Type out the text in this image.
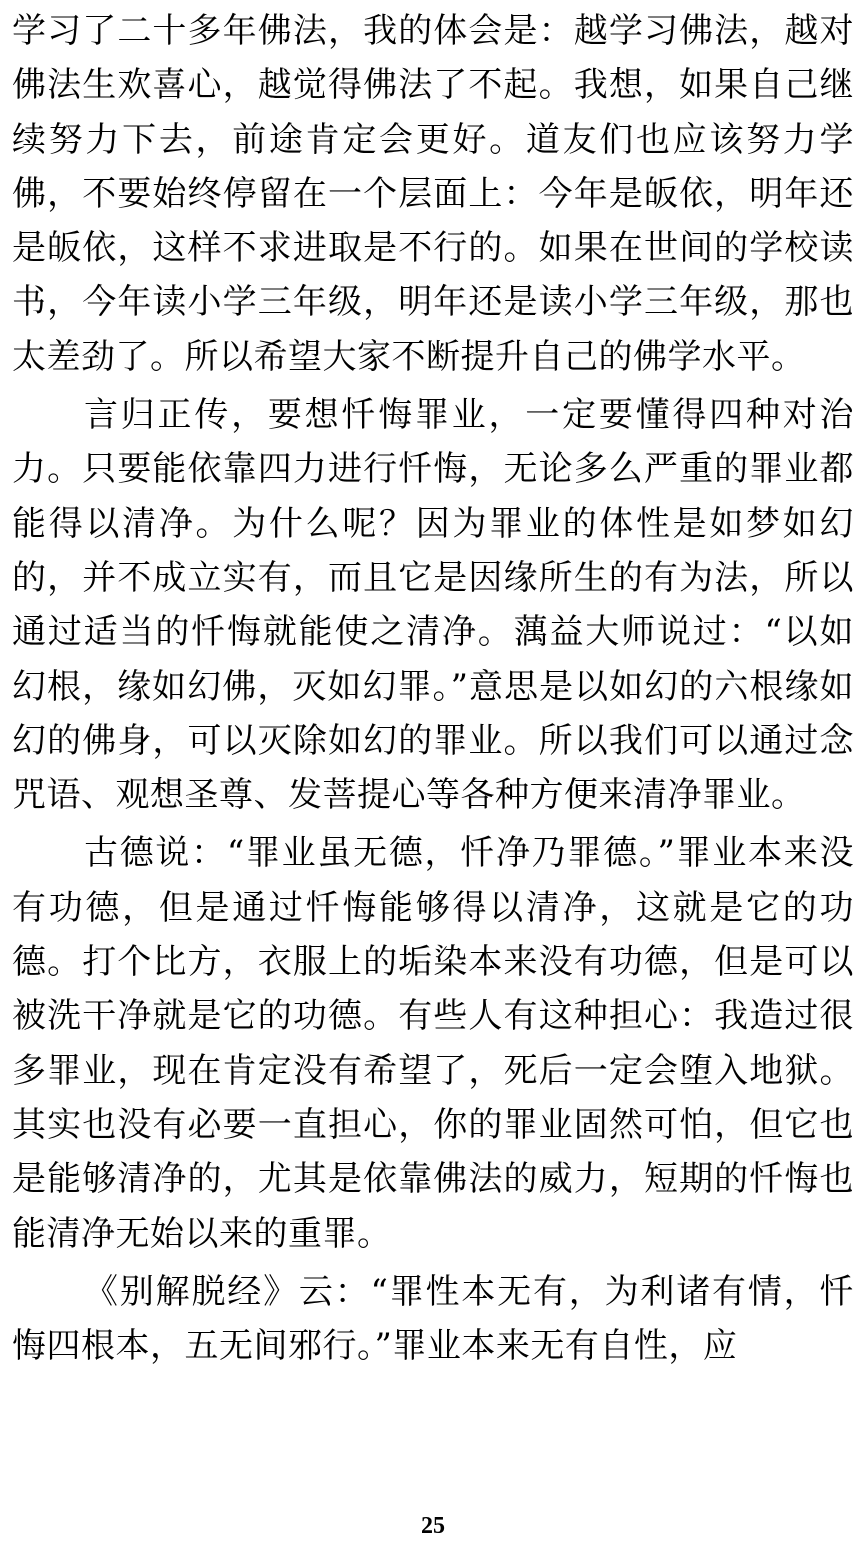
学习了二十多年佛法，我的体会是：越学习佛法，越对佛法生欢喜心，越觉得佛法了不起。我想，如果自己继续努力下去，前途肯定会更好。道友们也应该努力学佛，不要始终停留在一个层面上：今年是皈依，明年还是皈依，这样不求进取是不行的。如果在世间的学校读书，今年读小学三年级，明年还是读小学三年级，那也太差劲了。所以希望大家不断提升自己的佛学水平。

言归正传，要想忏悔罪业，一定要懂得四种对治力。只要能依靠四力进行忏悔，无论多么严重的罪业都能得以清净。为什么呢？因为罪业的体性是如梦如幻的，并不成立实有，而且它是因缘所生的有为法，所以通过适当的忏悔就能使之清净。蕅益大师说过：“以如幻根，缘如幻佛，灭如幻罪。”意思是以如幻的六根缘如幻的佛身，可以灭除如幻的罪业。所以我们可以通过念咒语、观想圣尊、发菩提心等各种方便来清净罪业。

古德说：“罪业虽无德，忏净乃罪德。”罪业本来没有功德，但是通过忏悔能够得以清净，这就是它的功德。打个比方，衣服上的垢染本来没有功德，但是可以被洗干净就是它的功德。有些人有这种担心：我造过很多罪业，现在肯定没有希望了，死后一定会堕入地狱。其实也没有必要一直担心，你的罪业固然可怕，但它也是能够清净的，尤其是依靠佛法的威力，短期的忏悔也能清净无始以来的重罪。

《别解脱经》云：“罪性本无有，为利诸有情，忏悔四根本，五无间邪行。”罪业本来无有自性，应

25
